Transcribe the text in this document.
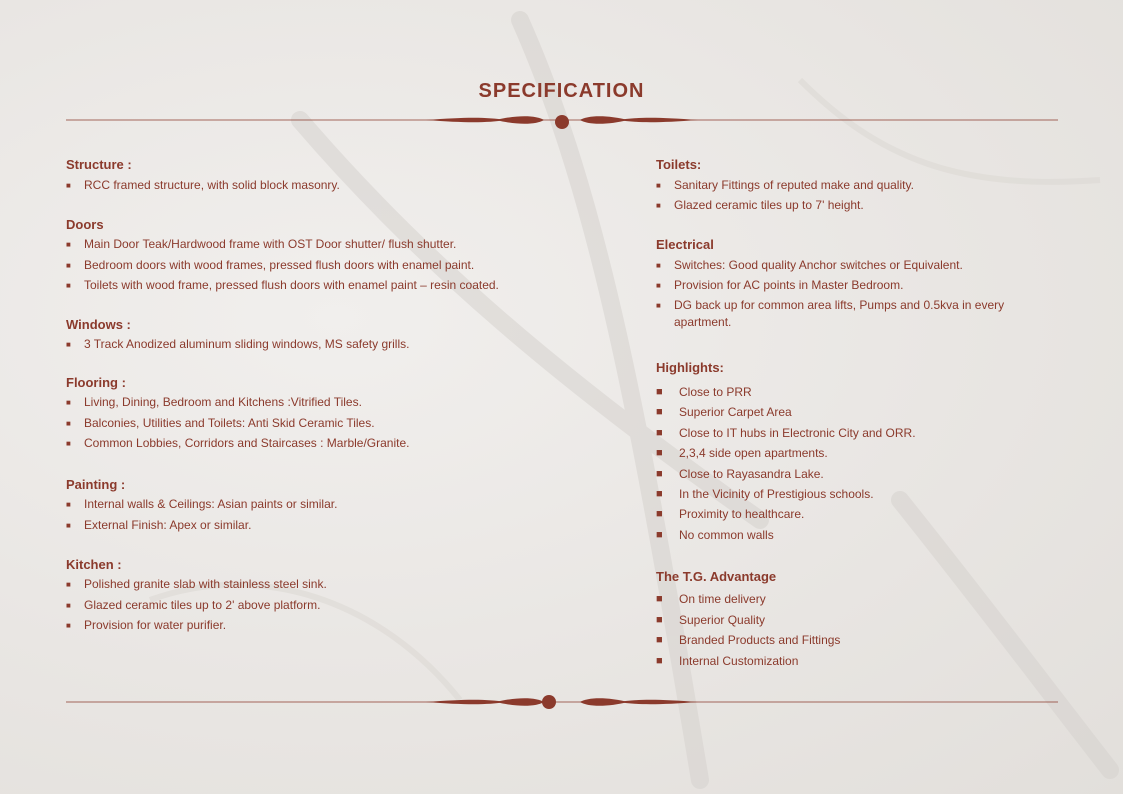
SPECIFICATION
Structure :
■ RCC framed structure, with solid block masonry.
Doors
■ Main Door Teak/Hardwood frame with OST Door shutter/ flush shutter.
■ Bedroom doors with wood frames, pressed flush doors with enamel paint.
■ Toilets with wood frame, pressed flush doors with enamel paint – resin coated.
Windows :
■ 3 Track Anodized aluminum sliding windows, MS safety grills.
Flooring :
■ Living, Dining, Bedroom and Kitchens :Vitrified Tiles.
■ Balconies, Utilities and Toilets: Anti Skid Ceramic Tiles.
■ Common Lobbies, Corridors and Staircases : Marble/Granite.
Painting :
■ Internal walls & Ceilings: Asian paints or similar.
■ External Finish: Apex or similar.
Kitchen :
■ Polished granite slab with stainless steel sink.
■ Glazed ceramic tiles up to 2' above platform.
■ Provision for water purifier.
Toilets:
■ Sanitary Fittings of reputed make and quality.
■ Glazed ceramic tiles up to 7' height.
Electrical
■ Switches: Good quality Anchor switches or Equivalent.
■ Provision for AC points in Master Bedroom.
■ DG back up for common area lifts, Pumps and 0.5kva in every apartment.
Highlights:
■ Close to PRR
■ Superior Carpet Area
■ Close to IT hubs in Electronic City and ORR.
■ 2,3,4 side open apartments.
■ Close to Rayasandra Lake.
■ In the Vicinity of Prestigious schools.
■ Proximity to healthcare.
■ No common walls
The T.G. Advantage
■ On time delivery
■ Superior Quality
■ Branded Products and Fittings
■ Internal Customization
